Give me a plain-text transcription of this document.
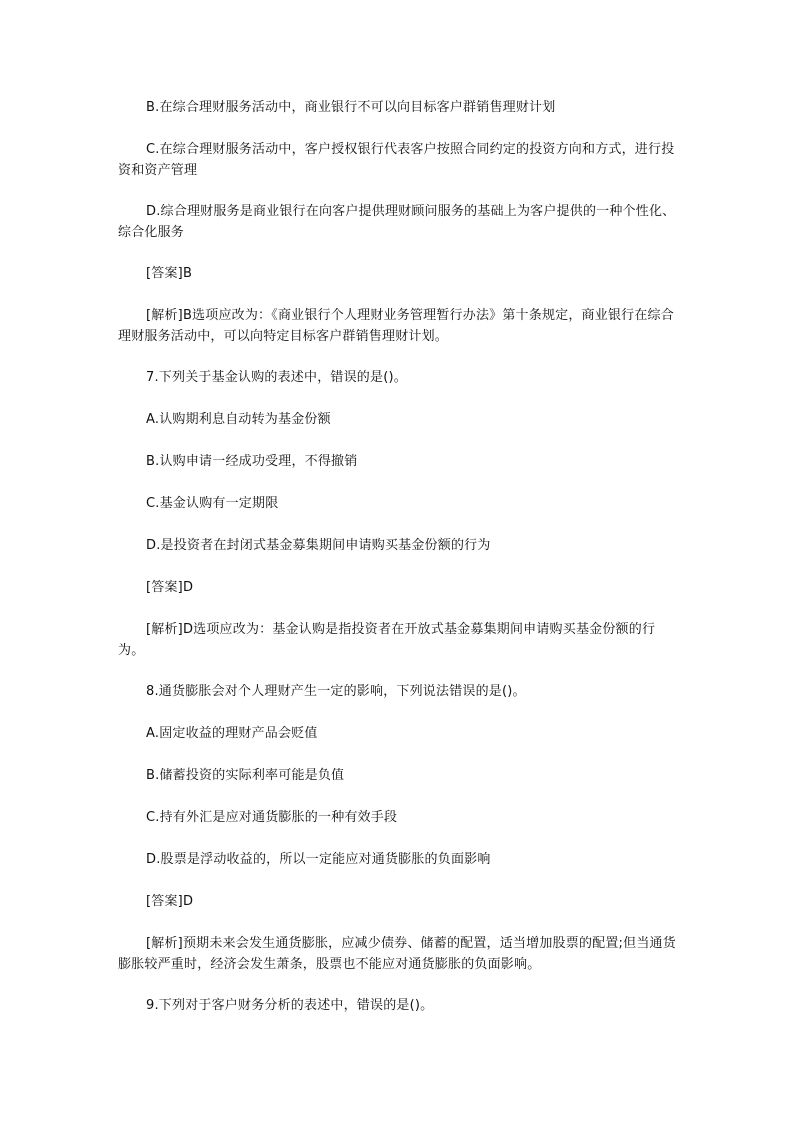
B.在综合理财服务活动中，商业银行不可以向目标客户群销售理财计划

C.在综合理财服务活动中，客户授权银行代表客户按照合同约定的投资方向和方式，进行投资和资产管理

D.综合理财服务是商业银行在向客户提供理财顾问服务的基础上为客户提供的一种个性化、综合化服务

[答案]B

[解析]B选项应改为：《商业银行个人理财业务管理暂行办法》第十条规定，商业银行在综合理财服务活动中，可以向特定目标客户群销售理财计划。

7.下列关于基金认购的表述中，错误的是()。

A.认购期利息自动转为基金份额

B.认购申请一经成功受理，不得撤销

C.基金认购有一定期限

D.是投资者在封闭式基金募集期间申请购买基金份额的行为

[答案]D

[解析]D选项应改为：基金认购是指投资者在开放式基金募集期间申请购买基金份额的行为。

8.通货膨胀会对个人理财产生一定的影响，下列说法错误的是()。

A.固定收益的理财产品会贬值

B.储蓄投资的实际利率可能是负值

C.持有外汇是应对通货膨胀的一种有效手段

D.股票是浮动收益的，所以一定能应对通货膨胀的负面影响

[答案]D

[解析]预期未来会发生通货膨胀，应减少债券、储蓄的配置，适当增加股票的配置;但当通货膨胀较严重时，经济会发生萧条，股票也不能应对通货膨胀的负面影响。

9.下列对于客户财务分析的表述中，错误的是()。
